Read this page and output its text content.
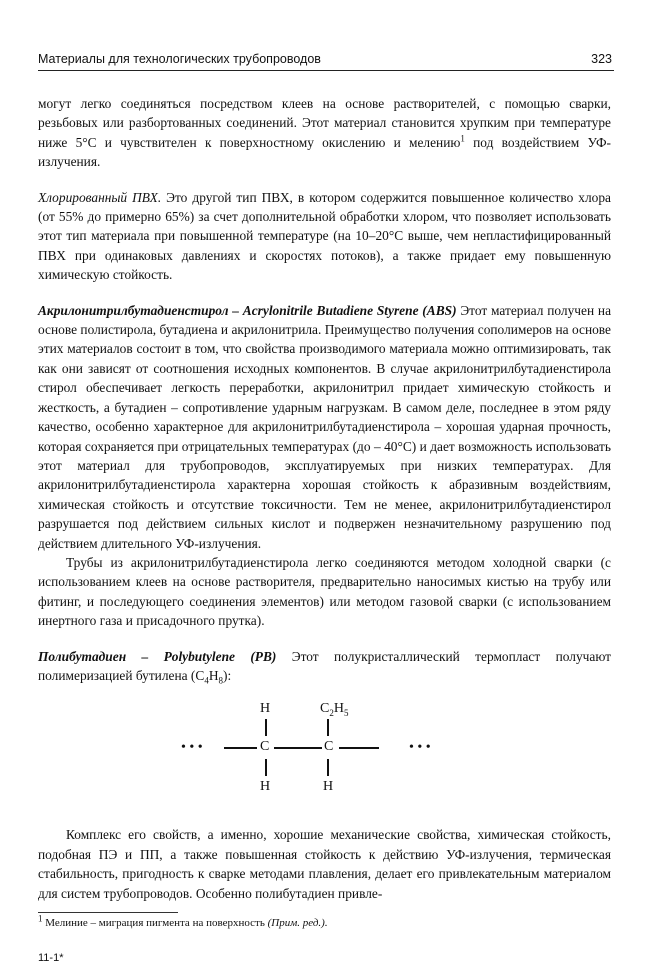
Материалы для технологических трубопроводов	323

могут легко соединяться посредством клеев на основе растворителей, с помощью сварки, резьбовых или разбортованных соединений. Этот материал становится хрупким при температуре ниже 5°С и чувствителен к поверхностному окислению и мелению$^1$ под воздействием УФ-излучения.

Хлорированный ПВХ. Это другой тип ПВХ, в котором содержится повышенное количество хлора (от 55% до примерно 65%) за счет дополнительной обработки хлором, что позволяет использовать этот тип материала при повышенной температуре (на 10–20°С выше, чем непластифицированный ПВХ при одинаковых давлениях и скоростях потоков), а также придает ему повышенную химическую стойкость.

Акрилонитрилбутадиенстирол – Acrylonitrile Butadiene Styrene (ABS) Этот материал получен на основе полистирола, бутадиена и акрилонитрила. Преимущество получения сополимеров на основе этих материалов состоит в том, что свойства производимого материала можно оптимизировать, так как они зависят от соотношения исходных компонентов. В случае акрилонитрилбутадиенстирола стирол обеспечивает легкость переработки, акрилонитрил придает химическую стойкость и жесткость, а бутадиен – сопротивление ударным нагрузкам. В самом деле, последнее в этом ряду качество, особенно характерное для акрилонитрилбутадиенстирола – хорошая ударная прочность, которая сохраняется при отрицательных температурах (до – 40°С) и дает возможность использовать этот материал для трубопроводов, эксплуатируемых при низких температурах. Для акрилонитрилбутадиенстирола характерна хорошая стойкость к абразивным воздействиям, химическая стойкость и отсутствие токсичности. Тем не менее, акрилонитрилбутадиенстирол разрушается под действием сильных кислот и подвержен незначительному разрушению под действием длительного УФ-излучения.

Трубы из акрилонитрилбутадиенстирола легко соединяются методом холодной сварки (с использованием клеев на основе растворителя, предварительно наносимых кистью на трубу или фитинг, и последующего соединения элементов) или методом газовой сварки (с использованием инертного газа и присадочного прутка).

Полибутадиен – Polybutylene (PB) Этот полукристаллический термопласт получают полимеризацией бутилена $(C_4H_8)$:

H	$C_2H_5$
• • •	C	C	• • •
H	H

Комплекс его свойств, а именно, хорошие механические свойства, химическая стойкость, подобная ПЭ и ПП, а также повышенная стойкость к действию УФ-излучения, термическая стабильность, пригодность к сварке методами плавления, делает его привлекательным материалом для систем трубопроводов. Особенно полибутадиен привле-

$^1$ Мелиние – миграция пигмента на поверхность (Прим. ред.).
11-1*
